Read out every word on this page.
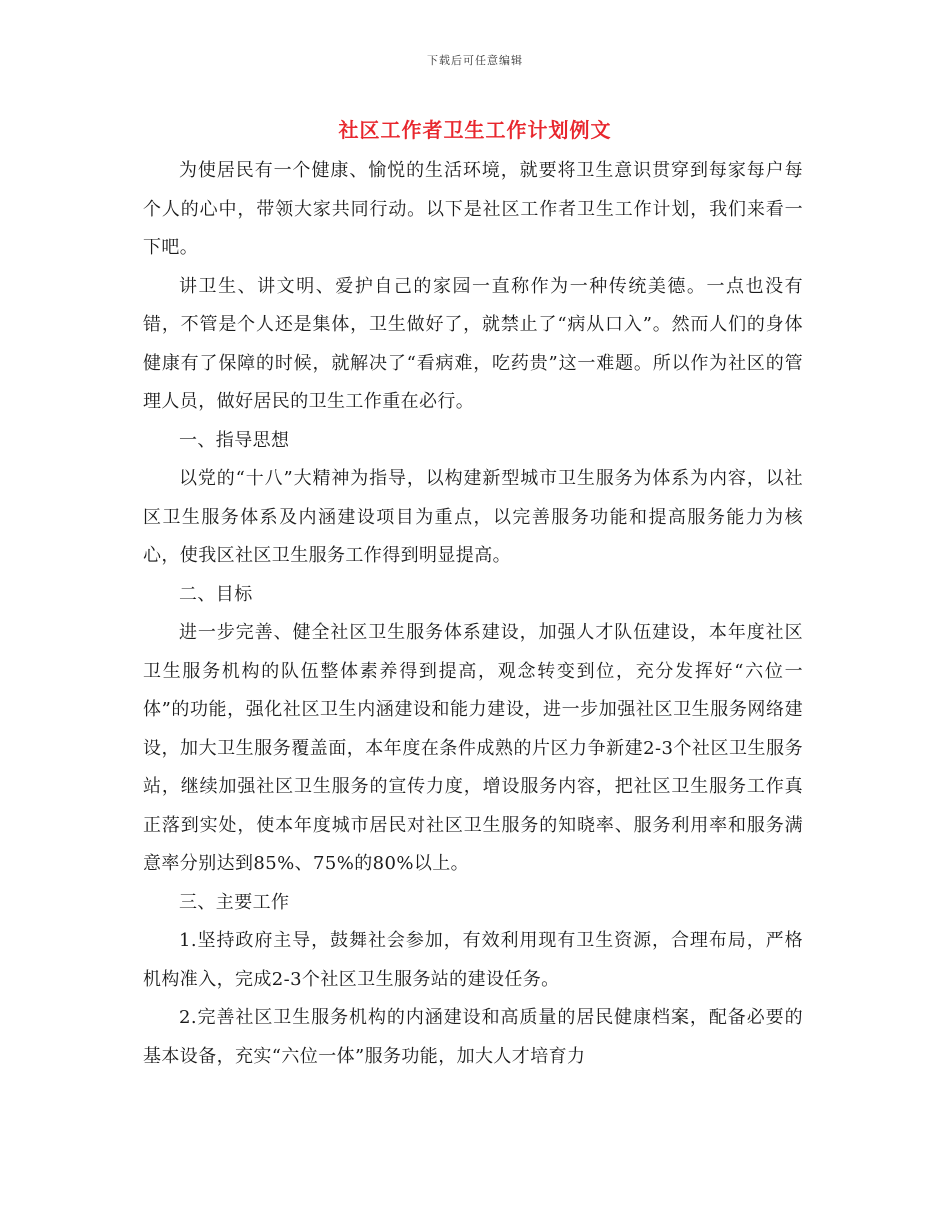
下载后可任意编辑
社区工作者卫生工作计划例文

为使居民有一个健康、愉悦的生活环境，就要将卫生意识贯穿到每家每户每个人的心中，带领大家共同行动。以下是社区工作者卫生工作计划，我们来看一下吧。

讲卫生、讲文明、爱护自己的家园一直称作为一种传统美德。一点也没有错，不管是个人还是集体，卫生做好了，就禁止了“病从口入”。然而人们的身体健康有了保障的时候，就解决了“看病难，吃药贵”这一难题。所以作为社区的管理人员，做好居民的卫生工作重在必行。

一、指导思想

以党的“十八”大精神为指导，以构建新型城市卫生服务为体系为内容，以社区卫生服务体系及内涵建设项目为重点，以完善服务功能和提高服务能力为核心，使我区社区卫生服务工作得到明显提高。

二、目标

进一步完善、健全社区卫生服务体系建设，加强人才队伍建设，本年度社区卫生服务机构的队伍整体素养得到提高，观念转变到位，充分发挥好“六位一体”的功能，强化社区卫生内涵建设和能力建设，进一步加强社区卫生服务网络建设，加大卫生服务覆盖面，本年度在条件成熟的片区力争新建2-3个社区卫生服务站，继续加强社区卫生服务的宣传力度，增设服务内容，把社区卫生服务工作真正落到实处，使本年度城市居民对社区卫生服务的知晓率、服务利用率和服务满意率分别达到85%、75%的80%以上。

三、主要工作

1.坚持政府主导，鼓舞社会参加，有效利用现有卫生资源，合理布局，严格机构准入，完成2-3个社区卫生服务站的建设任务。

2.完善社区卫生服务机构的内涵建设和高质量的居民健康档案，配备必要的基本设备，充实“六位一体”服务功能，加大人才培育力
